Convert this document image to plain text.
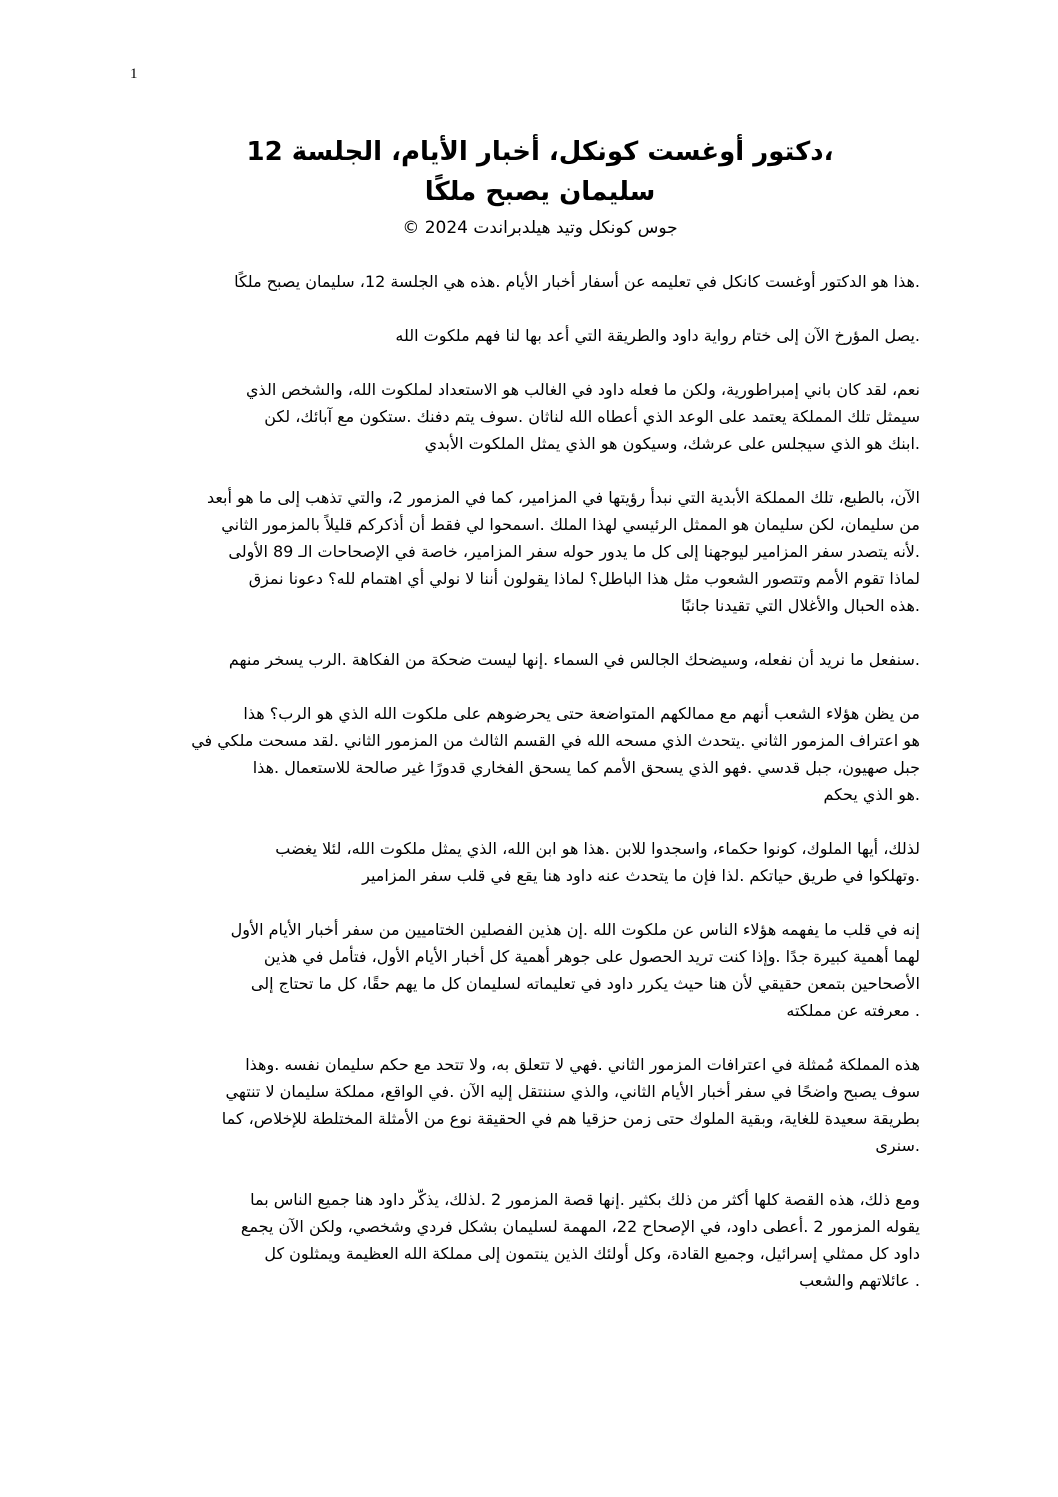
1
،دكتور أوغست كونكل، أخبار الأيام، الجلسة 12
سليمان يصبح ملكًا
جوس كونكل وتيد هيلدبراندت 2024 ©

.هذا هو الدكتور أوغست كانكل في تعليمه عن أسفار أخبار الأيام .هذه هي الجلسة 12، سليمان يصبح ملكًا

.يصل المؤرخ الآن إلى ختام رواية داود والطريقة التي أعد بها لنا فهم ملكوت الله

نعم، لقد كان باني إمبراطورية، ولكن ما فعله داود في الغالب هو الاستعداد لملكوت الله، والشخص الذي
سيمثل تلك المملكة يعتمد على الوعد الذي أعطاه الله لناثان .سوف يتم دفنك .ستكون مع آبائك، لكن
.ابنك هو الذي سيجلس على عرشك، وسيكون هو الذي يمثل الملكوت الأبدي

الآن، بالطبع، تلك المملكة الأبدية التي نبدأ رؤيتها في المزامير، كما في المزمور 2، والتي تذهب إلى ما هو أبعد
من سليمان، لكن سليمان هو الممثل الرئيسي لهذا الملك .اسمحوا لي فقط أن أذكركم قليلاً بالمزمور الثاني
.لأنه يتصدر سفر المزامير ليوجهنا إلى كل ما يدور حوله سفر المزامير، خاصة في الإصحاحات الـ 89 الأولى
لماذا تقوم الأمم وتتصور الشعوب مثل هذا الباطل؟ لماذا يقولون أننا لا نولي أي اهتمام لله؟ دعونا نمزق
.هذه الحبال والأغلال التي تقيدنا جانبًا

.سنفعل ما نريد أن نفعله، وسيضحك الجالس في السماء .إنها ليست ضحكة من الفكاهة .الرب يسخر منهم

من يظن هؤلاء الشعب أنهم مع ممالكهم المتواضعة حتى يحرضوهم على ملكوت الله الذي هو الرب؟ هذا
هو اعتراف المزمور الثاني .يتحدث الذي مسحه الله في القسم الثالث من المزمور الثاني .لقد مسحت ملكي في
جبل صهيون، جبل قدسي .فهو الذي يسحق الأمم كما يسحق الفخاري قدورًا غير صالحة للاستعمال .هذا
.هو الذي يحكم

لذلك، أيها الملوك، كونوا حكماء، واسجدوا للابن .هذا هو ابن الله، الذي يمثل ملكوت الله، لئلا يغضب
.وتهلكوا في طريق حياتكم .لذا فإن ما يتحدث عنه داود هنا يقع في قلب سفر المزامير

إنه في قلب ما يفهمه هؤلاء الناس عن ملكوت الله .إن هذين الفصلين الختاميين من سفر أخبار الأيام الأول
لهما أهمية كبيرة جدًا .وإذا كنت تريد الحصول على جوهر أهمية كل أخبار الأيام الأول، فتأمل في هذين
الأصحاحين بتمعن حقيقي لأن هنا حيث يكرر داود في تعليماته لسليمان كل ما يهم حقًا، كل ما تحتاج إلى
. معرفته عن مملكته

هذه المملكة مُمثلة في اعترافات المزمور الثاني .فهي لا تتعلق به، ولا تتحد مع حكم سليمان نفسه .وهذا
سوف يصبح واضحًا في سفر أخبار الأيام الثاني، والذي سننتقل إليه الآن .في الواقع، مملكة سليمان لا تنتهي
بطريقة سعيدة للغاية، وبقية الملوك حتى زمن حزقيا هم في الحقيقة نوع من الأمثلة المختلطة للإخلاص، كما
.سنرى

ومع ذلك، هذه القصة كلها أكثر من ذلك بكثير .إنها قصة المزمور 2 .لذلك، يذكّر داود هنا جميع الناس بما
يقوله المزمور 2 .أعطى داود، في الإصحاح 22، المهمة لسليمان بشكل فردي وشخصي، ولكن الآن يجمع
داود كل ممثلي إسرائيل، وجميع القادة، وكل أولئك الذين ينتمون إلى مملكة الله العظيمة ويمثلون كل
. عائلاتهم والشعب
